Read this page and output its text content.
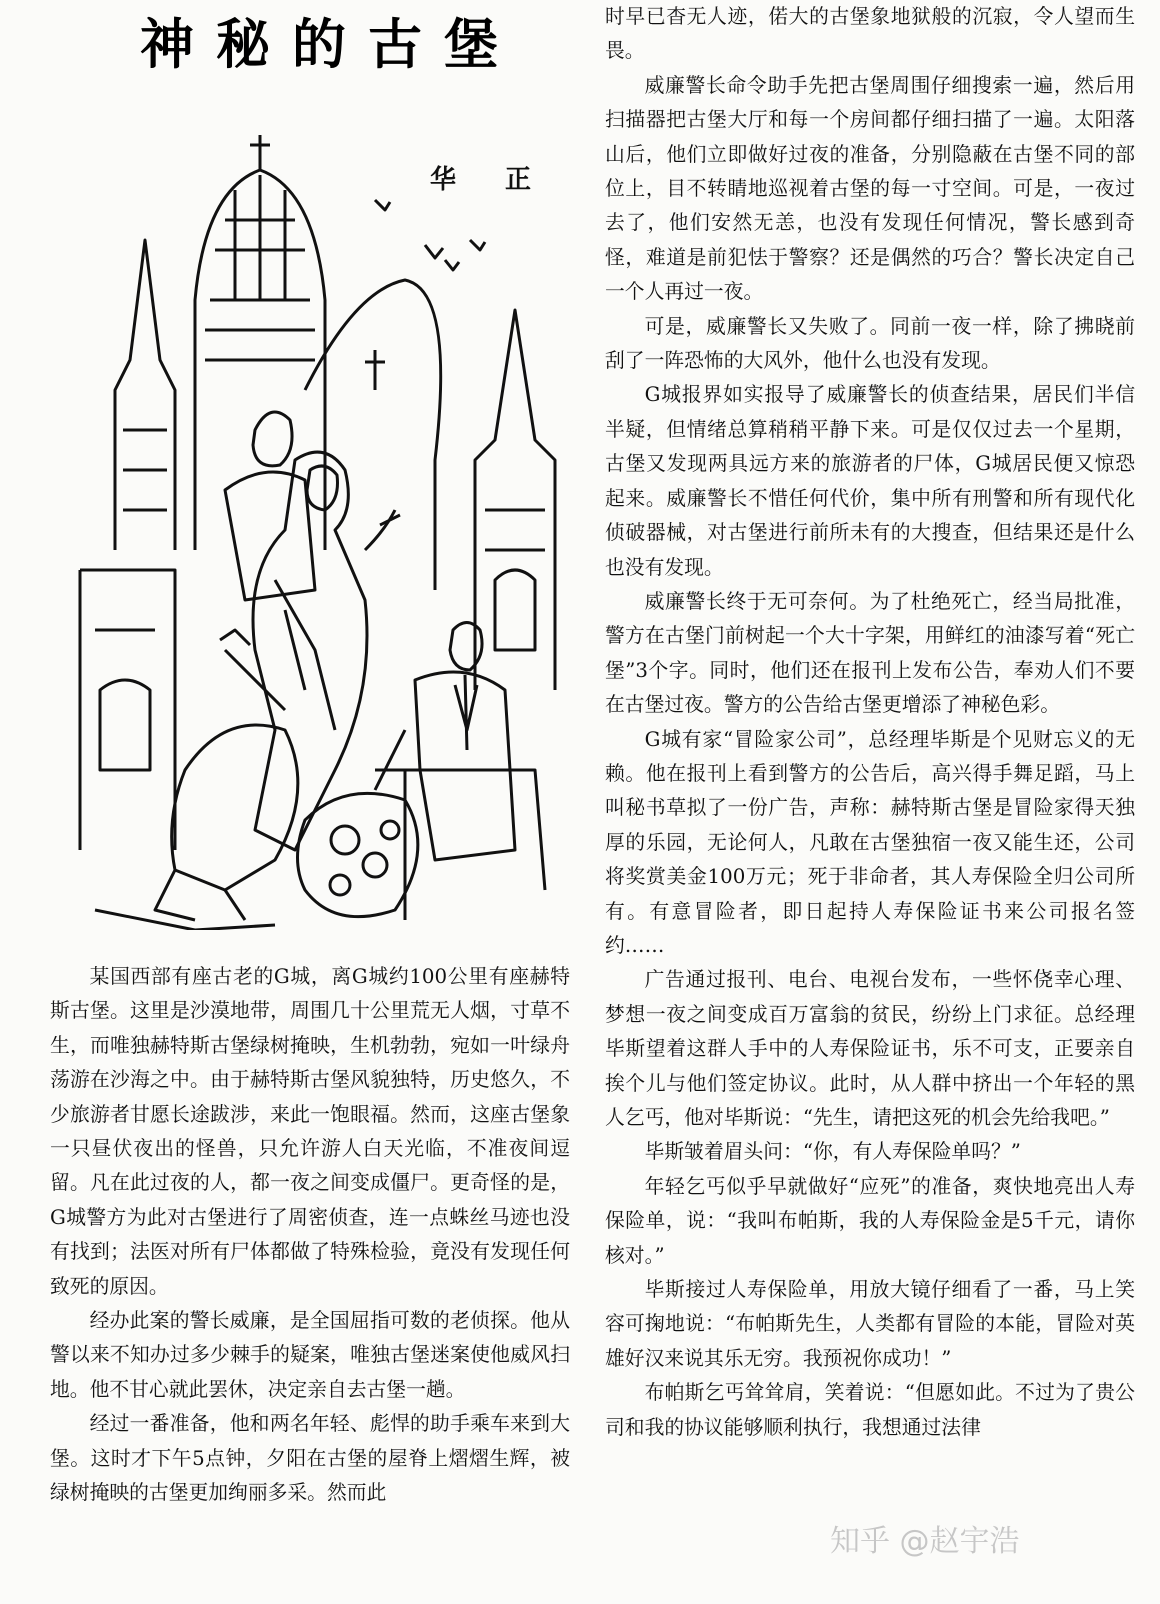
神秘的古堡
华 正

某国西部有座古老的G城，离G城约100公里有座赫特斯古堡。这里是沙漠地带，周围几十公里荒无人烟，寸草不生，而唯独赫特斯古堡绿树掩映，生机勃勃，宛如一叶绿舟荡游在沙海之中。由于赫特斯古堡风貌独特，历史悠久，不少旅游者甘愿长途跋涉，来此一饱眼福。然而，这座古堡象一只昼伏夜出的怪兽，只允许游人白天光临，不准夜间逗留。凡在此过夜的人，都一夜之间变成僵尸。更奇怪的是，G城警方为此对古堡进行了周密侦查，连一点蛛丝马迹也没有找到；法医对所有尸体都做了特殊检验，竟没有发现任何致死的原因。

经办此案的警长威廉，是全国屈指可数的老侦探。他从警以来不知办过多少棘手的疑案，唯独古堡迷案使他威风扫地。他不甘心就此罢休，决定亲自去古堡一趟。

经过一番准备，他和两名年轻、彪悍的助手乘车来到大堡。这时才下午5点钟，夕阳在古堡的屋脊上熠熠生辉，被绿树掩映的古堡更加绚丽多采。然而此

时早已杳无人迹，偌大的古堡象地狱般的沉寂，令人望而生畏。

威廉警长命令助手先把古堡周围仔细搜索一遍，然后用扫描器把古堡大厅和每一个房间都仔细扫描了一遍。太阳落山后，他们立即做好过夜的准备，分别隐蔽在古堡不同的部位上，目不转睛地巡视着古堡的每一寸空间。可是，一夜过去了，他们安然无恙，也没有发现任何情况，警长感到奇怪，难道是前犯怯于警察？还是偶然的巧合？警长决定自己一个人再过一夜。

可是，威廉警长又失败了。同前一夜一样，除了拂晓前刮了一阵恐怖的大风外，他什么也没有发现。

G城报界如实报导了威廉警长的侦查结果，居民们半信半疑，但情绪总算稍稍平静下来。可是仅仅过去一个星期，古堡又发现两具远方来的旅游者的尸体，G城居民便又惊恐起来。威廉警长不惜任何代价，集中所有刑警和所有现代化侦破器械，对古堡进行前所未有的大搜查，但结果还是什么也没有发现。

威廉警长终于无可奈何。为了杜绝死亡，经当局批准，警方在古堡门前树起一个大十字架，用鲜红的油漆写着“死亡堡”3个字。同时，他们还在报刊上发布公告，奉劝人们不要在古堡过夜。警方的公告给古堡更增添了神秘色彩。

G城有家“冒险家公司”，总经理毕斯是个见财忘义的无赖。他在报刊上看到警方的公告后，高兴得手舞足蹈，马上叫秘书草拟了一份广告，声称：赫特斯古堡是冒险家得天独厚的乐园，无论何人，凡敢在古堡独宿一夜又能生还，公司将奖赏美金100万元；死于非命者，其人寿保险全归公司所有。有意冒险者，即日起持人寿保险证书来公司报名签约……

广告通过报刊、电台、电视台发布，一些怀侥幸心理、梦想一夜之间变成百万富翁的贫民，纷纷上门求征。总经理毕斯望着这群人手中的人寿保险证书，乐不可支，正要亲自挨个儿与他们签定协议。此时，从人群中挤出一个年轻的黑人乞丐，他对毕斯说：“先生，请把这死的机会先给我吧。”

毕斯皱着眉头问：“你，有人寿保险单吗？”

年轻乞丐似乎早就做好“应死”的准备，爽快地亮出人寿保险单，说：“我叫布帕斯，我的人寿保险金是5千元，请你核对。”

毕斯接过人寿保险单，用放大镜仔细看了一番，马上笑容可掬地说：“布帕斯先生，人类都有冒险的本能，冒险对英雄好汉来说其乐无穷。我预祝你成功！”

布帕斯乞丐耸耸肩，笑着说：“但愿如此。不过为了贵公司和我的协议能够顺利执行，我想通过法律

知乎 @赵宇浩
